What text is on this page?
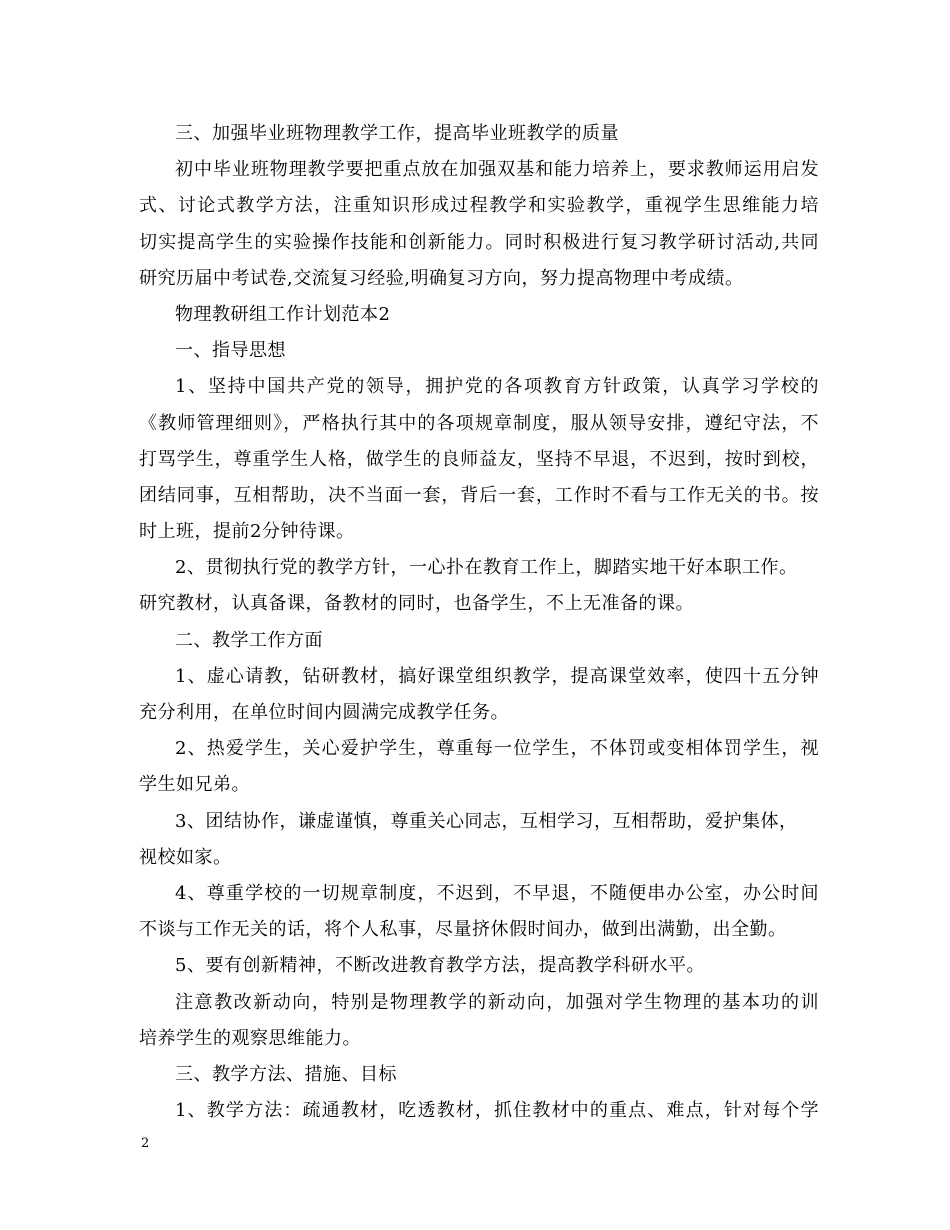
三、加强毕业班物理教学工作，提高毕业班教学的质量
初中毕业班物理教学要把重点放在加强双基和能力培养上，要求教师运用启发
式、讨论式教学方法，注重知识形成过程教学和实验教学，重视学生思维能力培
切实提高学生的实验操作技能和创新能力。同时积极进行复习教学研讨活动,共同
研究历届中考试卷,交流复习经验,明确复习方向，努力提高物理中考成绩。
物理教研组工作计划范本2
一、指导思想
1、坚持中国共产党的领导，拥护党的各项教育方针政策，认真学习学校的
《教师管理细则》，严格执行其中的各项规章制度，服从领导安排，遵纪守法，不
打骂学生，尊重学生人格，做学生的良师益友，坚持不早退，不迟到，按时到校，
团结同事，互相帮助，决不当面一套，背后一套，工作时不看与工作无关的书。按
时上班，提前2分钟待课。
2、贯彻执行党的教学方针，一心扑在教育工作上，脚踏实地干好本职工作。
研究教材，认真备课，备教材的同时，也备学生，不上无准备的课。
二、教学工作方面
1、虚心请教，钻研教材，搞好课堂组织教学，提高课堂效率，使四十五分钟
充分利用，在单位时间内圆满完成教学任务。
2、热爱学生，关心爱护学生，尊重每一位学生，不体罚或变相体罚学生，视
学生如兄弟。
3、团结协作，谦虚谨慎，尊重关心同志，互相学习，互相帮助，爱护集体，
视校如家。
4、尊重学校的一切规章制度，不迟到，不早退，不随便串办公室，办公时间
不谈与工作无关的话，将个人私事，尽量挤休假时间办，做到出满勤，出全勤。
5、要有创新精神，不断改进教育教学方法，提高教学科研水平。
注意教改新动向，特别是物理教学的新动向，加强对学生物理的基本功的训
培养学生的观察思维能力。
三、教学方法、措施、目标
1、教学方法：疏通教材，吃透教材，抓住教材中的重点、难点，针对每个学
2
